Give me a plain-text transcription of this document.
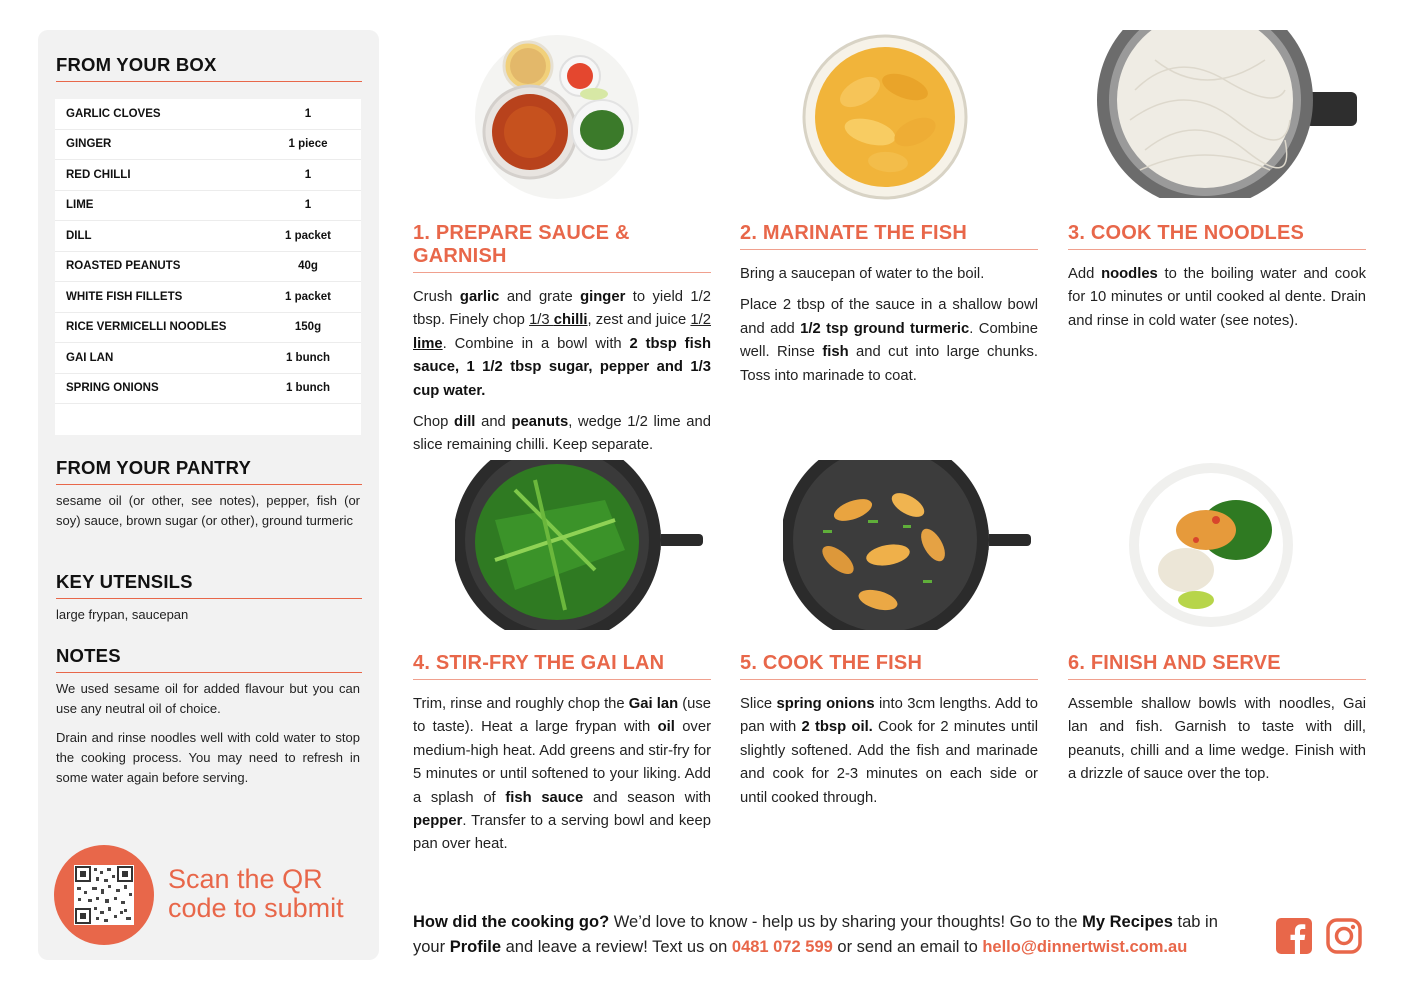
FROM YOUR BOX
GARLIC CLOVES	1
GINGER	1 piece
RED CHILLI	1
LIME	1
DILL	1 packet
ROASTED PEANUTS	40g
WHITE FISH FILLETS	1 packet
RICE VERMICELLI NOODLES	150g
GAI LAN	1 bunch
SPRING ONIONS	1 bunch
FROM YOUR PANTRY
sesame oil (or other, see notes), pepper, fish (or soy) sauce, brown sugar (or other), ground turmeric
KEY UTENSILS
large frypan, saucepan
NOTES
We used sesame oil for added flavour but you can use any neutral oil of choice.
Drain and rinse noodles well with cold water to stop the cooking process. You may need to refresh in some water again before serving.
Scan the QR
code to submit
1. PREPARE SAUCE & GARNISH
2. MARINATE THE FISH	3. COOK THE NOODLES
4. STIR-FRY THE GAI LAN	5. COOK THE FISH	6. FINISH AND SERVE

Crush garlic and grate ginger to yield 1/2 tbsp. Finely chop 1/3 chilli, zest and juice 1/2 lime. Combine in a bowl with 2 tbsp fish sauce, 1 1/2 tbsp sugar, pepper and 1/3 cup water.

Chop dill and peanuts, wedge 1/2 lime and slice remaining chilli. Keep separate.

Bring a saucepan of water to the boil.

Place 2 tbsp of the sauce in a shallow bowl and add 1/2 tsp ground turmeric. Combine well. Rinse fish and cut into large chunks. Toss into marinade to coat.

Add noodles to the boiling water and cook for 10 minutes or until cooked al dente. Drain and rinse in cold water (see notes).

Trim, rinse and roughly chop the Gai lan (use to taste). Heat a large frypan with oil over medium-high heat. Add greens and stir-fry for 5 minutes or until softened to your liking. Add a splash of fish sauce and season with pepper. Transfer to a serving bowl and keep pan over heat.

Slice spring onions into 3cm lengths. Add to pan with 2 tbsp oil. Cook for 2 minutes until slightly softened. Add the fish and marinade and cook for 2-3 minutes on each side or until cooked through.

Assemble shallow bowls with noodles, Gai lan and fish. Garnish to taste with dill, peanuts, chilli and a lime wedge. Finish with a drizzle of sauce over the top.

How did the cooking go? We’d love to know - help us by sharing your thoughts! Go to the My Recipes tab in your Profile and leave a review! Text us on 0481 072 599 or send an email to hello@dinnertwist.com.au
